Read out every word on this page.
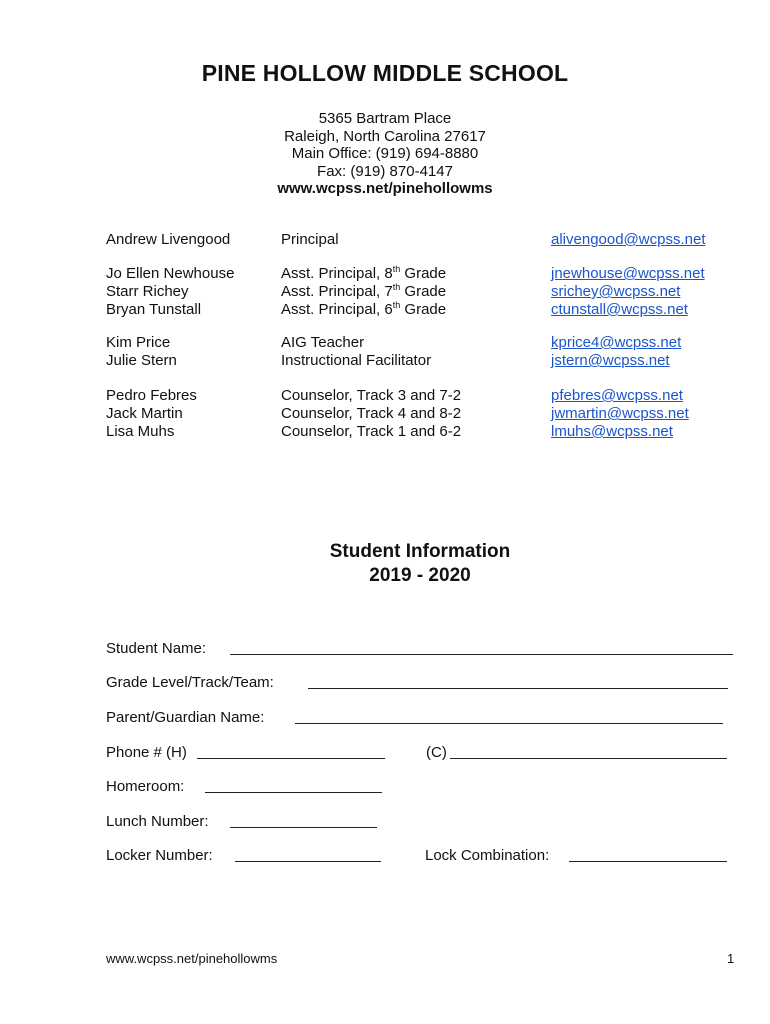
PINE HOLLOW MIDDLE SCHOOL
5365 Bartram Place
Raleigh, North Carolina 27617
Main Office: (919) 694-8880
Fax: (919) 870-4147
www.wcpss.net/pinehollowms
Andrew Livengood	Principal	alivengood@wcpss.net
Jo Ellen Newhouse	Asst. Principal, 8th Grade	jnewhouse@wcpss.net
Starr Richey	Asst. Principal, 7th Grade	srichey@wcpss.net
Bryan Tunstall	Asst. Principal, 6th Grade	ctunstall@wcpss.net
Kim Price	AIG Teacher	kprice4@wcpss.net
Julie Stern	Instructional Facilitator	jstern@wcpss.net
Pedro Febres	Counselor, Track 3 and 7-2	pfebres@wcpss.net
Jack Martin	Counselor, Track 4 and 8-2	jwmartin@wcpss.net
Lisa Muhs	Counselor, Track 1 and 6-2	lmuhs@wcpss.net
Student Information
2019 - 2020
Student Name:
Grade Level/Track/Team:
Parent/Guardian Name:
Phone # (H)	(C)
Homeroom:
Lunch Number:
Locker Number:	Lock Combination:
www.wcpss.net/pinehollowms	1
